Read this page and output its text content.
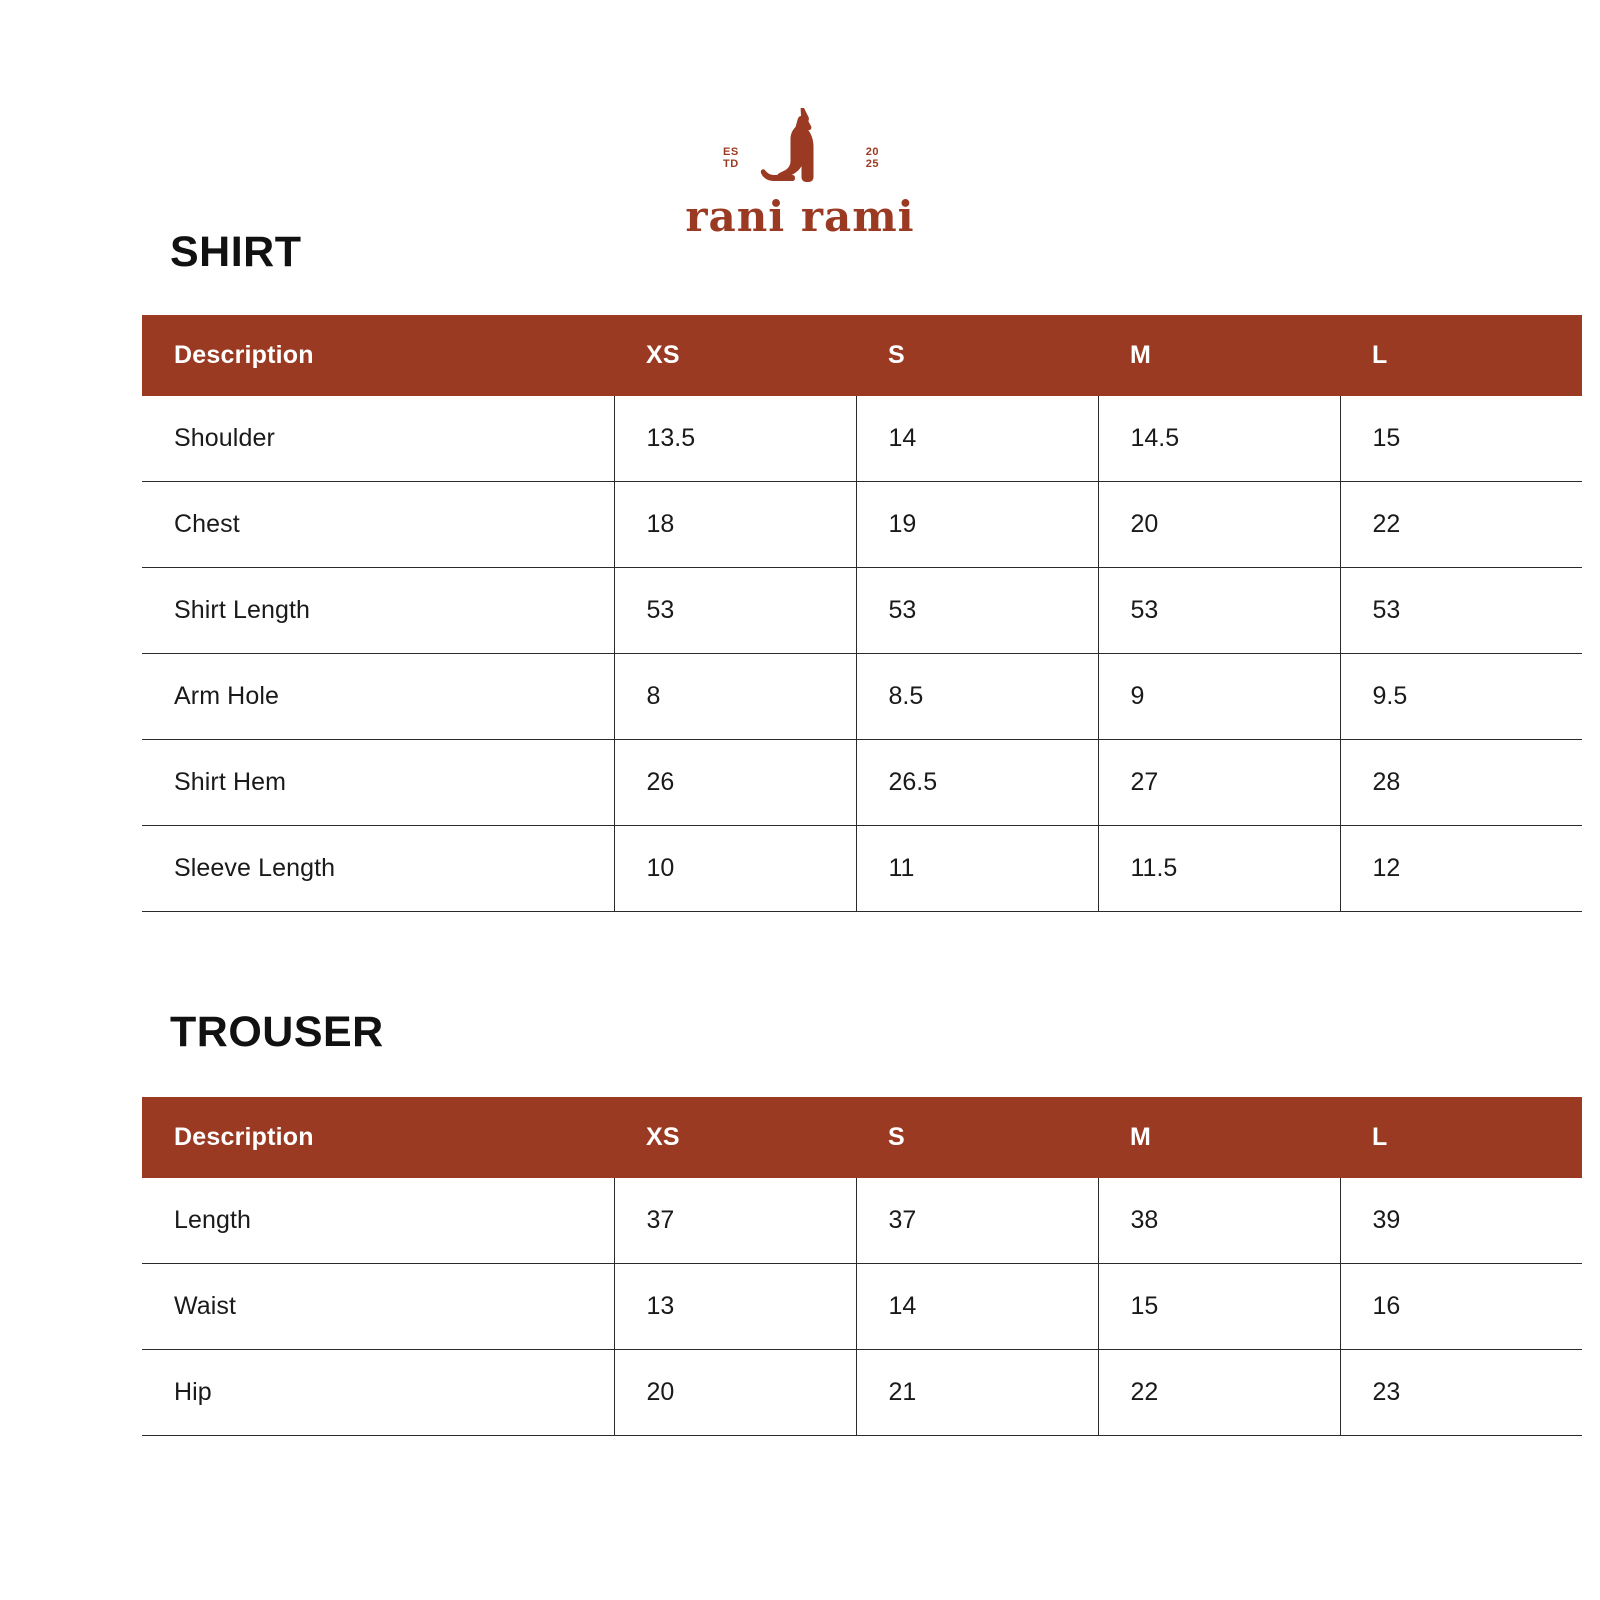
ES
TD
20
25
rani rami
SHIRT
Description	XS	S	M	L
Shoulder	13.5	14	14.5	15
Chest	18	19	20	22
Shirt Length	53	53	53	53
Arm Hole	8	8.5	9	9.5
Shirt Hem	26	26.5	27	28
Sleeve Length	10	11	11.5	12
TROUSER
Description	XS	S	M	L
Length	37	37	38	39
Waist	13	14	15	16
Hip	20	21	22	23
